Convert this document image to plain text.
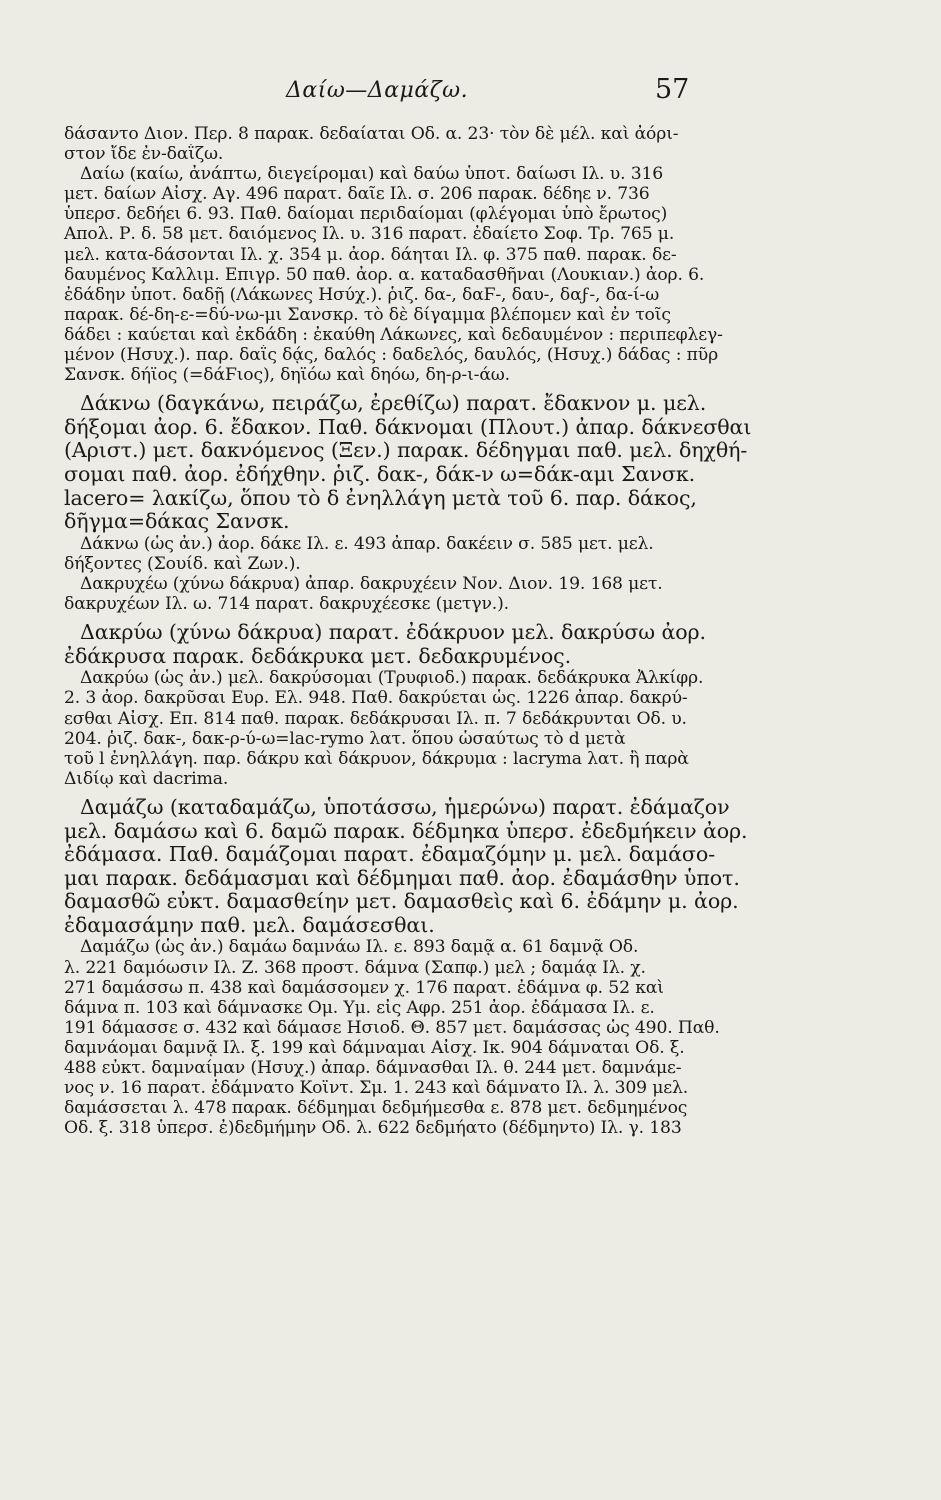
Δαίω—Δαμάζω.	57
δάσαντο Διον. Περ. 8 παρακ. δεδαίαται Οδ. α. 23· τὸν δὲ μέλ. καὶ ἀόρι-
στον ἴδε ἐν-δαΐζω.
Δαίω (καίω, ἀνάπτω, διεγείρομαι) καὶ δαύω ὑποτ. δαίωσι Ιλ. υ. 316
μετ. δαίων Αἰσχ. Αγ. 496 παρατ. δαῖε Ιλ. σ. 206 παρακ. δέδηε ν. 736
ὑπερσ. δεδήει 6. 93. Παθ. δαίομαι περιδαίομαι (φλέγομαι ὑπὸ ἔρωτος)
Απολ. Ρ. δ. 58 μετ. δαιόμενος Ιλ. υ. 316 παρατ. ἐδαίετο Σοφ. Τρ. 765 μ.
μελ. κατα-δάσονται Ιλ. χ. 354 μ. ἀορ. δάηται Ιλ. φ. 375 παθ. παρακ. δε-
δαυμένος Καλλιμ. Επιγρ. 50 παθ. ἀορ. α. καταδασθῆναι (Λουκιαν.) ἀορ. 6.
ἐδάδην ὑποτ. δαδῇ (Λάκωνες Ησύχ.). ῥιζ. δα-, δαϜ-, δαυ-, δαϝ-, δα-ί-ω
παρακ. δέ-δη-ε-=δύ-νω-μι Σανσκρ. τὸ δὲ δίγαμμα βλέπομεν καὶ ἐν τοῖς
δάδει : καύεται καὶ ἐκδάδη : ἐκαύθη Λάκωνες, καὶ δεδαυμένον : περιπεφλεγ-
μένον (Ησυχ.). παρ. δαΐς δᾴς, δαλός : δαδελός, δαυλός, (Ησυχ.) δάδας : πῦρ
Σανσκ. δήϊος (=δάϜιος), δηϊόω καὶ δηόω, δη-ρ-ι-άω.
Δάκνω (δαγκάνω, πειράζω, ἐρεθίζω) παρατ. ἔδακνον μ. μελ.
δήξομαι ἀορ. 6. ἔδακον. Παθ. δάκνομαι (Πλουτ.) ἀπαρ. δάκνεσθαι
(Αριστ.) μετ. δακνόμενος (Ξεν.) παρακ. δέδηγμαι παθ. μελ. δηχθή-
σομαι παθ. ἀορ. ἐδήχθην. ῥιζ. δακ-, δάκ-ν ω=δάκ-αμι Σανσκ.
lacero= λακίζω, ὅπου τὸ δ ἐνηλλάγη μετὰ τοῦ 6. παρ. δάκος,
δῆγμα=δάκας Σανσκ.
Δάκνω (ὡς ἀν.) ἀορ. δάκε Ιλ. ε. 493 ἀπαρ. δακέειν σ. 585 μετ. μελ.
δήξοντες (Σουίδ. καὶ Ζων.).
Δακρυχέω (χύνω δάκρυα) ἀπαρ. δακρυχέειν Νον. Διον. 19. 168 μετ.
δακρυχέων Ιλ. ω. 714 παρατ. δακρυχέεσκε (μετγν.).
Δακρύω (χύνω δάκρυα) παρατ. ἐδάκρυον μελ. δακρύσω ἀορ.
ἐδάκρυσα παρακ. δεδάκρυκα μετ. δεδακρυμένος.
Δακρύω (ὡς ἀν.) μελ. δακρύσομαι (Τρυφιοδ.) παρακ. δεδάκρυκα Ἀλκίφρ.
2. 3 ἀορ. δακρῦσαι Ευρ. Ελ. 948. Παθ. δακρύεται ὡς. 1226 ἀπαρ. δακρύ-
εσθαι Αἰσχ. Επ. 814 παθ. παρακ. δεδάκρυσαι Ιλ. π. 7 δεδάκρυνται Οδ. υ.
204. ῥιζ. δακ-, δακ-ρ-ύ-ω=lac-rymo λατ. ὅπου ὡσαύτως τὸ d μετὰ
τοῦ l ἐνηλλάγη. παρ. δάκρυ καὶ δάκρυον, δάκρυμα : lacryma λατ. ἢ παρὰ
Διδίῳ καὶ dacrima.
Δαμάζω (καταδαμάζω, ὑποτάσσω, ἡμερώνω) παρατ. ἐδάμαζον
μελ. δαμάσω καὶ 6. δαμῶ παρακ. δέδμηκα ὑπερσ. ἐδεδμήκειν ἀορ.
ἐδάμασα. Παθ. δαμάζομαι παρατ. ἐδαμαζόμην μ. μελ. δαμάσο-
μαι παρακ. δεδάμασμαι καὶ δέδμημαι παθ. ἀορ. ἐδαμάσθην ὑποτ.
δαμασθῶ εὐκτ. δαμασθείην μετ. δαμασθεὶς καὶ 6. ἐδάμην μ. ἀορ.
ἐδαμασάμην παθ. μελ. δαμάσεσθαι.
Δαμάζω (ὡς ἀν.) δαμάω δαμνάω Ιλ. ε. 893 δαμᾷ α. 61 δαμνᾷ Οδ.
λ. 221 δαμόωσιν Ιλ. Ζ. 368 προστ. δάμνα (Σαπφ.) μελ ; δαμάᾳ Ιλ. χ.
271 δαμάσσω π. 438 καὶ δαμάσσομεν χ. 176 παρατ. ἐδάμνα φ. 52 καὶ
δάμνα π. 103 καὶ δάμνασκε Ομ. Υμ. εἰς Αφρ. 251 ἀορ. ἐδάμασα Ιλ. ε.
191 δάμασσε σ. 432 καὶ δάμασε Ησιοδ. Θ. 857 μετ. δαμάσσας ὡς 490. Παθ.
δαμνάομαι δαμνᾷ Ιλ. ξ. 199 καὶ δάμναμαι Αἰσχ. Ικ. 904 δάμναται Οδ. ξ.
488 εὐκτ. δαμναίμαν (Ησυχ.) ἀπαρ. δάμνασθαι Ιλ. θ. 244 μετ. δαμνάμε-
νος ν. 16 παρατ. ἐδάμνατο Κοϊντ. Σμ. 1. 243 καὶ δάμνατο Ιλ. λ. 309 μελ.
δαμάσσεται λ. 478 παρακ. δέδμημαι δεδμήμεσθα ε. 878 μετ. δεδμημένος
Οδ. ξ. 318 ὑπερσ. ἐ)δεδμήμην Οδ. λ. 622 δεδμήατο (δέδμηντο) Ιλ. γ. 183
